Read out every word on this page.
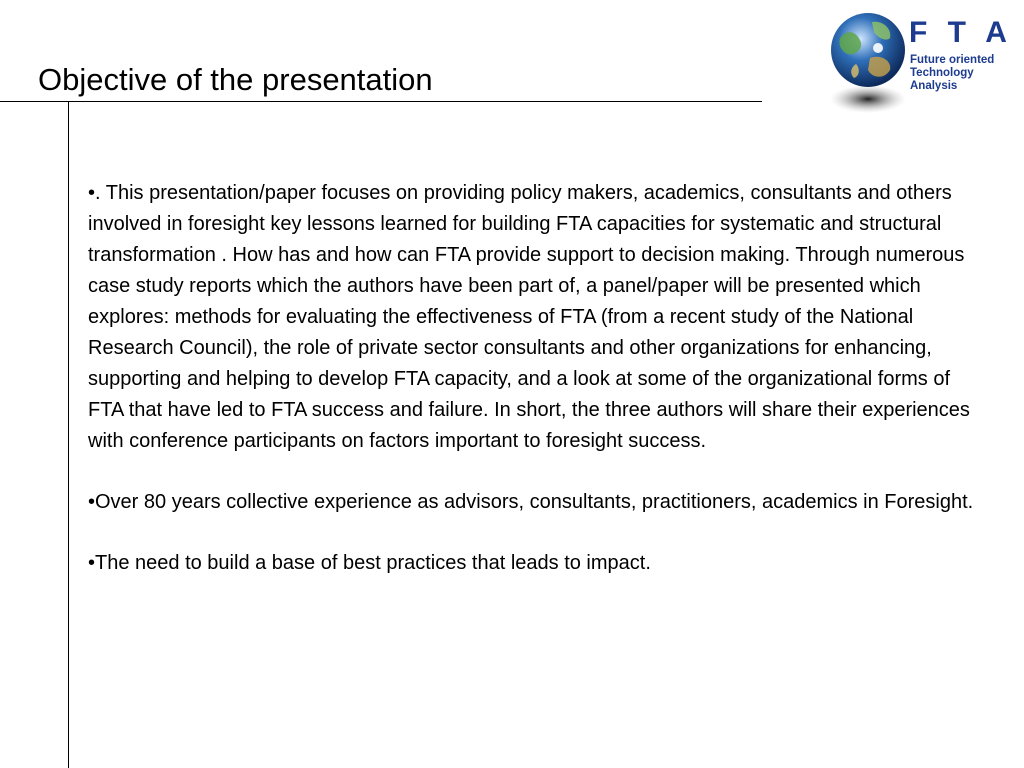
Objective of the presentation
F T A
Future oriented
Technology
Analysis

•. This presentation/paper focuses on providing policy makers, academics, consultants and others involved in foresight key lessons learned for building FTA capacities for systematic and structural transformation . How has and how can FTA provide support to decision making. Through numerous case study reports which the authors have been part of, a panel/paper will be presented which explores: methods for evaluating the effectiveness of FTA (from a recent study of the National Research Council), the role of private sector consultants and other organizations for enhancing, supporting and helping to develop FTA capacity, and a look at some of the organizational forms of FTA that have led to FTA success and failure. In short, the three authors will share their experiences with conference participants on factors important to foresight success.

•Over 80 years collective experience as advisors, consultants, practitioners, academics in Foresight.

•The need to build a base of best practices that leads to impact.
